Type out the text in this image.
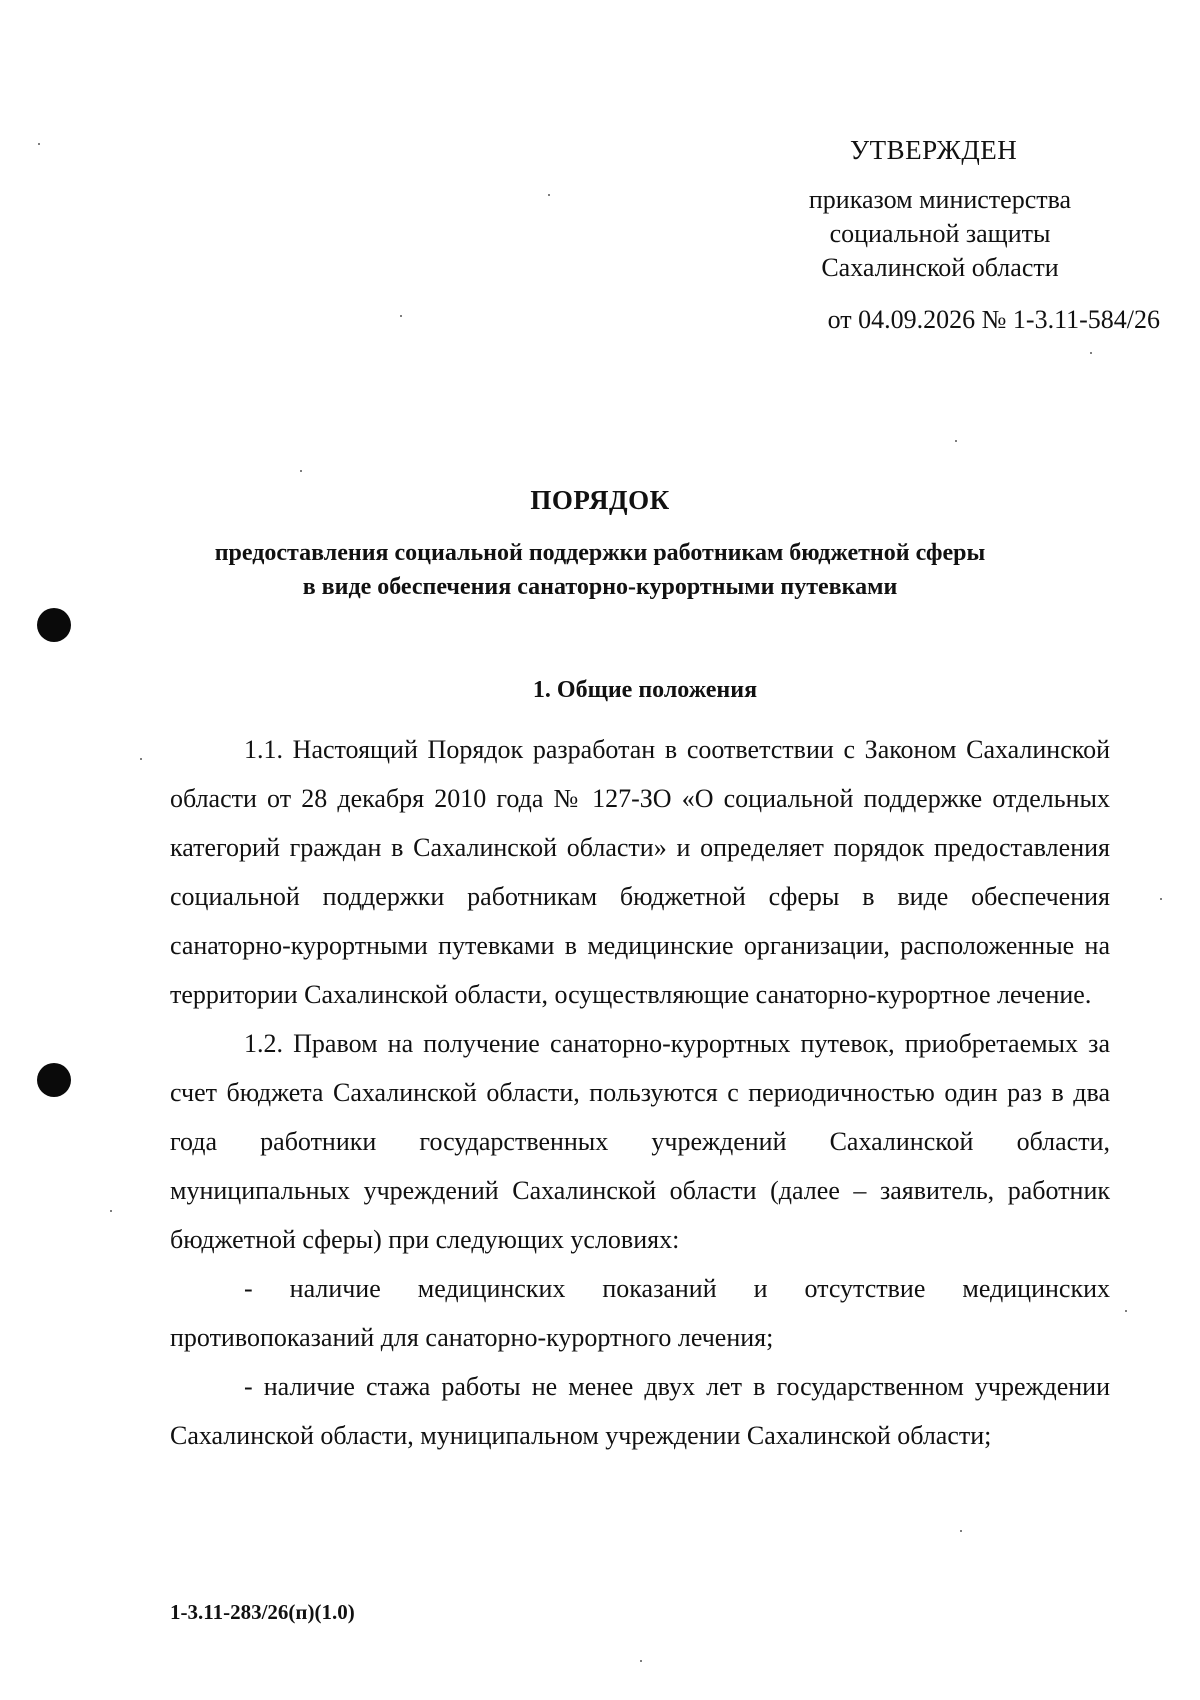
УТВЕРЖДЕН
приказом министерства
социальной защиты
Сахалинской области
от 04.09.2026 № 1-3.11-584/26
ПОРЯДОК
предоставления социальной поддержки работникам бюджетной сферы
в виде обеспечения санаторно-курортными путевками
1. Общие положения

1.1. Настоящий Порядок разработан в соответствии с Законом Сахалинской области от 28 декабря 2010 года № 127-ЗО «О социальной поддержке отдельных категорий граждан в Сахалинской области» и определяет порядок предоставления социальной поддержки работникам бюджетной сферы в виде обеспечения санаторно-курортными путевками в медицинские организации, расположенные на территории Сахалинской области, осуществляющие санаторно-курортное лечение.

1.2. Правом на получение санаторно-курортных путевок, приобретаемых за счет бюджета Сахалинской области, пользуются с периодичностью один раз в два года работники государственных учреждений Сахалинской области, муниципальных учреждений Сахалинской области (далее – заявитель, работник бюджетной сферы) при следующих условиях:

- наличие медицинских показаний и отсутствие медицинских противопоказаний для санаторно-курортного лечения;

- наличие стажа работы не менее двух лет в государственном учреждении Сахалинской области, муниципальном учреждении Сахалинской области;

1-3.11-283/26(п)(1.0)
